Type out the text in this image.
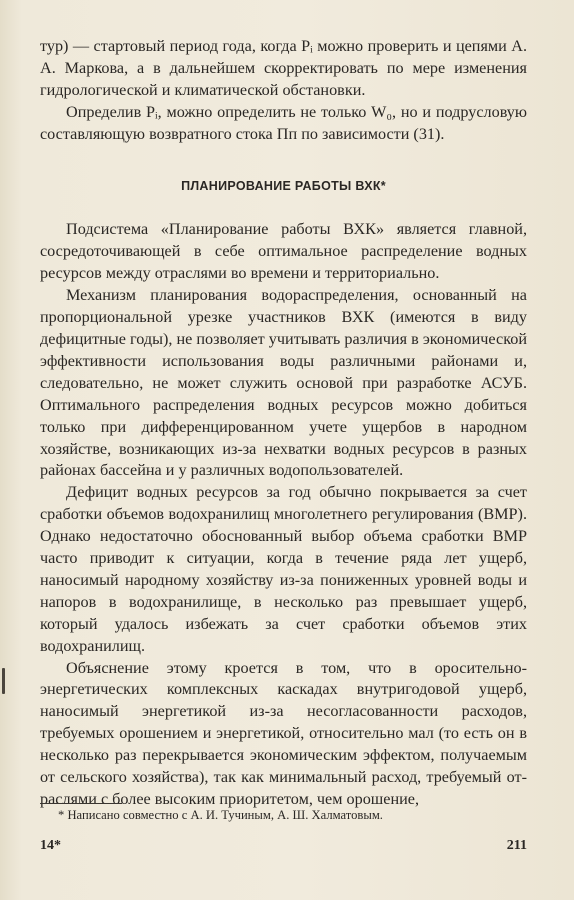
тур) — стартовый период года, когда Pᵢ можно проверить и цепями А. А. Маркова, а в дальнейшем скорректировать по мере изменения гидрологической и климатической обстановки.

Определив Pᵢ, можно определить не только W₀, но и подрусловую составляющую возвратного стока Πп по зависимости (31).

ПЛАНИРОВАНИЕ РАБОТЫ ВХК*

Подсистема «Планирование работы ВХК» является главной, сосредоточивающей в себе оптимальное распределение водных ресурсов между отраслями во времени и территориально.

Механизм планирования водораспределения, основанный на пропорциональной урезке участников ВХК (имеются в виду дефицитные годы), не позволяет учитывать различия в экономической эффективности использования воды различными районами и, следовательно, не может служить основой при разработке АСУБ. Оптимального распределения водных ресурсов можно добиться только при дифференцированном учете ущербов в народном хозяйстве, возникающих из-за нехватки водных ресурсов в разных районах бассейна и у различных водопользователей.

Дефицит водных ресурсов за год обычно покрывается за счет сработки объемов водохранилищ многолетнего регулирования (ВМР). Однако недостаточно обоснованный выбор объема сработки ВМР часто приводит к ситуации, когда в течение ряда лет ущерб, наносимый народному хозяйству из-за пониженных уровней воды и напоров в водохранилище, в несколько раз превышает ущерб, который удалось избежать за счет сработки объемов этих водохранилищ.

Объяснение этому кроется в том, что в оросительно-энергетических комплексных каскадах внутригодовой ущерб, наносимый энергетикой из-за несогласованности расходов, требуемых орошением и энергетикой, относительно мал (то есть он в несколько раз перекрывается экономическим эффектом, получаемым от сельского хозяйства), так как минимальный расход, требуемый отраслями с более высоким приоритетом, чем орошение,

* Написано совместно с А. И. Тучиным, А. Ш. Халматовым.
14*	211
